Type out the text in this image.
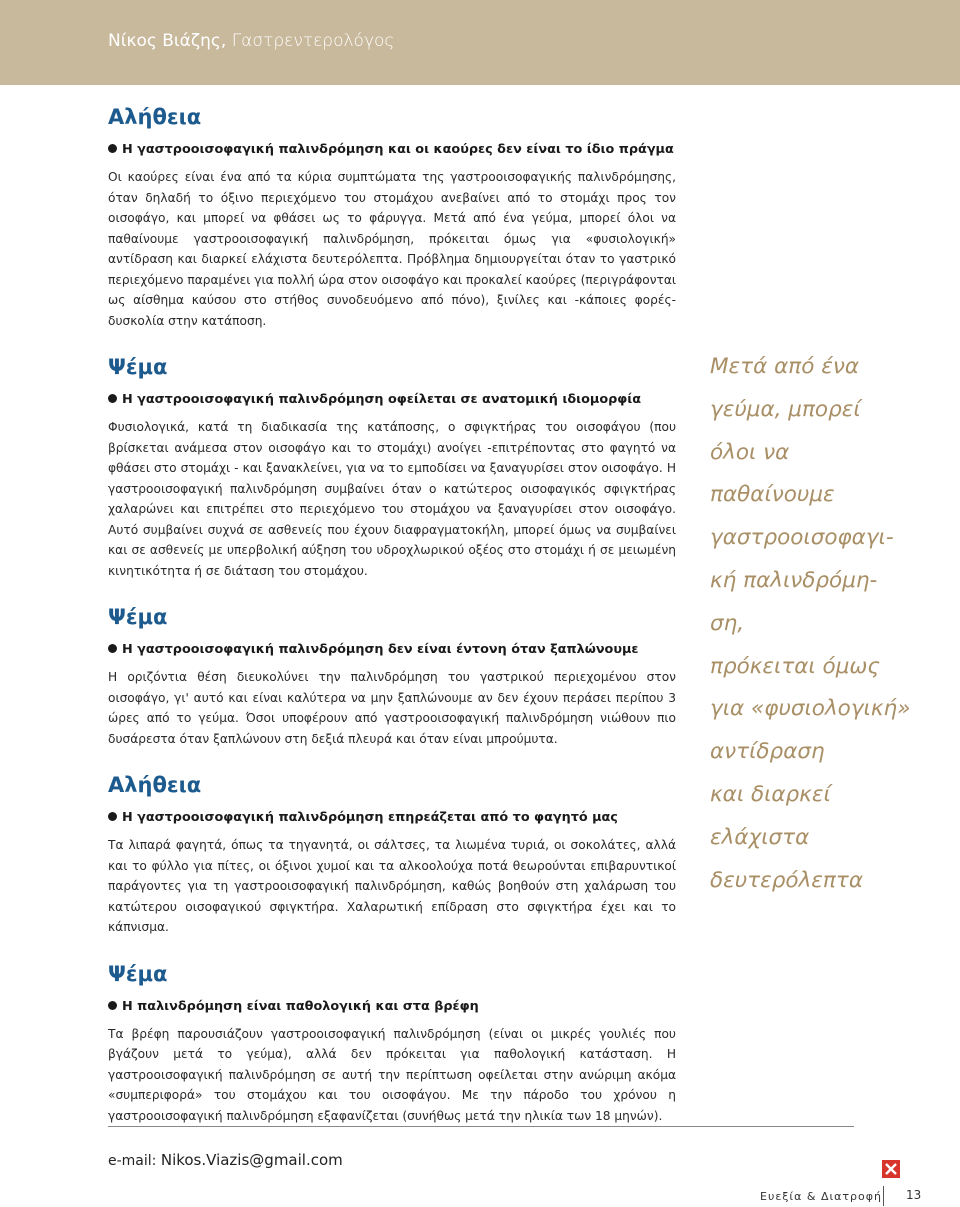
Νίκος Βιάζης, Γαστρεντερολόγος
Αλήθεια
Η γαστροοισοφαγική παλινδρόμηση και οι καούρες δεν είναι το ίδιο πράγμα

Οι καούρες είναι ένα από τα κύρια συμπτώματα της γαστροοισοφαγικής παλινδρόμησης, όταν δηλαδή το όξινο περιεχόμενο του στομάχου ανεβαίνει από το στομάχι προς τον οισοφάγο, και μπορεί να φθάσει ως το φάρυγγα. Μετά από ένα γεύμα, μπορεί όλοι να παθαίνουμε γαστροοισοφαγική παλινδρόμηση, πρόκειται όμως για «φυσιολογική» αντίδραση και διαρκεί ελάχιστα δευτερόλεπτα. Πρόβλημα δημιουργείται όταν το γαστρικό περιεχόμενο παραμένει για πολλή ώρα στον οισοφάγο και προκαλεί καούρες (περιγράφονται ως αίσθημα καύσου στο στήθος συνοδευόμενο από πόνο), ξινίλες και -κάποιες φορές- δυσκολία στην κατάποση.

Ψέμα
Η γαστροοισοφαγική παλινδρόμηση οφείλεται σε ανατομική ιδιομορφία

Φυσιολογικά, κατά τη διαδικασία της κατάποσης, ο σφιγκτήρας του οισοφάγου (που βρίσκεται ανάμεσα στον οισοφάγο και το στομάχι) ανοίγει -επιτρέποντας στο φαγητό να φθάσει στο στομάχι - και ξανακλείνει, για να το εμποδίσει να ξαναγυρίσει στον οισοφάγο. Η γαστροοισοφαγική παλινδρόμηση συμβαίνει όταν ο κατώτερος οισοφαγικός σφιγκτήρας χαλαρώνει και επιτρέπει στο περιεχόμενο του στομάχου να ξαναγυρίσει στον οισοφάγο. Αυτό συμβαίνει συχνά σε ασθενείς που έχουν διαφραγματοκήλη, μπορεί όμως να συμβαίνει και σε ασθενείς με υπερβολική αύξηση του υδροχλωρικού οξέος στο στομάχι ή σε μειωμένη κινητικότητα ή σε διάταση του στομάχου.

Ψέμα
Η γαστροοισοφαγική παλινδρόμηση δεν είναι έντονη όταν ξαπλώνουμε

Η οριζόντια θέση διευκολύνει την παλινδρόμηση του γαστρικού περιεχομένου στον οισοφάγο, γι' αυτό και είναι καλύτερα να μην ξαπλώνουμε αν δεν έχουν περάσει περίπου 3 ώρες από το γεύμα. Όσοι υποφέρουν από γαστροοισοφαγική παλινδρόμηση νιώθουν πιο δυσάρεστα όταν ξαπλώνουν στη δεξιά πλευρά και όταν είναι μπρούμυτα.

Αλήθεια
Η γαστροοισοφαγική παλινδρόμηση επηρεάζεται από το φαγητό μας

Τα λιπαρά φαγητά, όπως τα τηγανητά, οι σάλτσες, τα λιωμένα τυριά, οι σοκολάτες, αλλά και το φύλλο για πίτες, οι όξινοι χυμοί και τα αλκοολούχα ποτά θεωρούνται επιβαρυντικοί παράγοντες για τη γαστροοισοφαγική παλινδρόμηση, καθώς βοηθούν στη χαλάρωση του κατώτερου οισοφαγικού σφιγκτήρα. Χαλαρωτική επίδραση στο σφιγκτήρα έχει και το κάπνισμα.

Ψέμα
Η παλινδρόμηση είναι παθολογική και στα βρέφη

Τα βρέφη παρουσιάζουν γαστροοισοφαγική παλινδρόμηση (είναι οι μικρές γουλιές που βγάζουν μετά το γεύμα), αλλά δεν πρόκειται για παθολογική κατάσταση. Η γαστροοισοφαγική παλινδρόμηση σε αυτή την περίπτωση οφείλεται στην ανώριμη ακόμα «συμπεριφορά» του στομάχου και του οισοφάγου. Με την πάροδο του χρόνου η γαστροοισοφαγική παλινδρόμηση εξαφανίζεται (συνήθως μετά την ηλικία των 18 μηνών).

Μετά από ένα
γεύμα, μπορεί
όλοι να
παθαίνουμε
γαστροοισοφαγι-
κή παλινδρόμη-
ση,
πρόκειται όμως
για «φυσιολογική»
αντίδραση
και διαρκεί
ελάχιστα
δευτερόλεπτα
e-mail: Nikos.Viazis@gmail.com
Ευεξία & Διατροφή 13
